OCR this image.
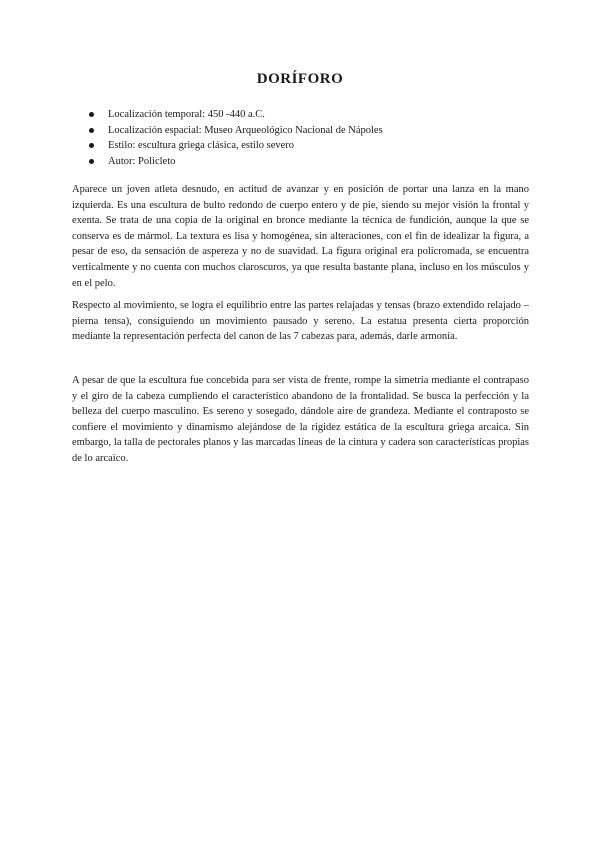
DORÍFORO
Localización temporal: 450 -440 a.C.
Localización espacial: Museo Arqueológico Nacional de Nápoles
Estilo: escultura griega clásica, estilo severo
Autor: Policleto

Aparece un joven atleta desnudo, en actitud de avanzar y en posición de portar una lanza en la mano izquierda. Es una escultura de bulto redondo de cuerpo entero y de pie, siendo su mejor visión la frontal y exenta. Se trata de una copia de la original en bronce mediante la técnica de fundición, aunque la que se conserva es de mármol. La textura es lisa y homogénea, sin alteraciones, con el fin de idealizar la figura, a pesar de eso, da sensación de aspereza y no de suavidad. La figura original era policromada, se encuentra verticalmente y no cuenta con muchos claroscuros, ya que resulta bastante plana, incluso en los músculos y en el pelo.

Respecto al movimiento, se logra el equilibrio entre las partes relajadas y tensas (brazo extendido relajado – pierna tensa), consiguiendo un movimiento pausado y sereno. La estatua presenta cierta proporción mediante la representación perfecta del canon de las 7 cabezas para, además, darle armonía.

A pesar de que la escultura fue concebida para ser vista de frente, rompe la simetría mediante el contrapaso y el giro de la cabeza cumpliendo el característico abandono de la frontalidad. Se busca la perfección y la belleza del cuerpo masculino. Es sereno y sosegado, dándole aire de grandeza. Mediante el contraposto se confiere el movimiento y dinamismo alejándose de la rigidez estática de la escultura griega arcaica. Sin embargo, la talla de pectorales planos y las marcadas líneas de la cintura y cadera son características propias de lo arcaico.
